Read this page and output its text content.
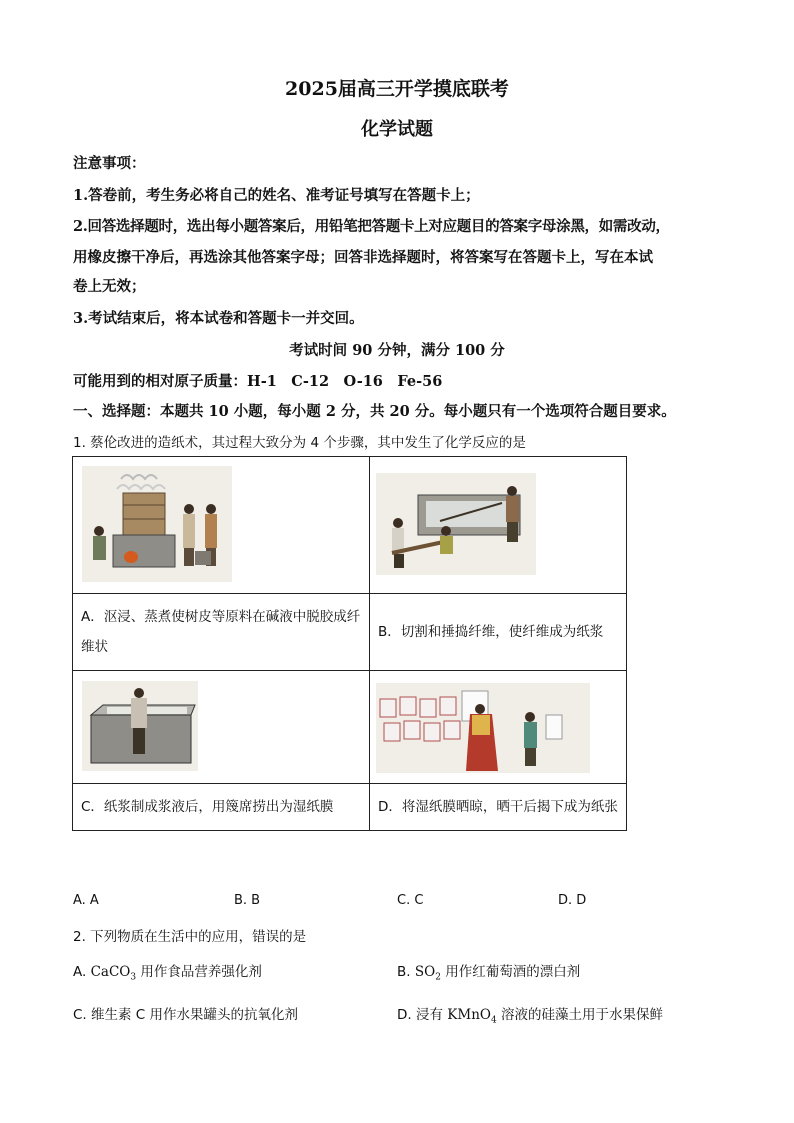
2025届高三开学摸底联考
化学试题
注意事项：
1.答卷前，考生务必将自己的姓名、准考证号填写在答题卡上；
2.回答选择题时，选出每小题答案后，用铅笔把答题卡上对应题目的答案字母涂黑，如需改动，
用橡皮擦干净后，再选涂其他答案字母；回答非选择题时，将答案写在答题卡上，写在本试
卷上无效；
3.考试结束后，将本试卷和答题卡一并交回。
考试时间 90 分钟，满分 100 分
可能用到的相对原子质量：H-1　C-12　O-16　Fe-56
一、选择题：本题共 10 小题，每小题 2 分，共 20 分。每小题只有一个选项符合题目要求。
1. 蔡伦改进的造纸术，其过程大致分为 4 个步骤，其中发生了化学反应的是

A．沤浸、蒸煮使树皮等原料在碱液中脱胶成纤维状	B．切割和捶捣纤维，使纤维成为纸浆

C．纸浆制成浆液后，用篾席捞出为湿纸膜	D．将湿纸膜晒晾，晒干后揭下成为纸张
A. A	B. B	C. C	D. D
2. 下列物质在生活中的应用，错误的是
A. CaCO$_3$ 用作食品营养强化剂	B. $SO_2$ 用作红葡萄酒的漂白剂
C. 维生素 C 用作水果罐头的抗氧化剂	D. 浸有 KMnO$_4$ 溶液的硅藻土用于水果保鲜
